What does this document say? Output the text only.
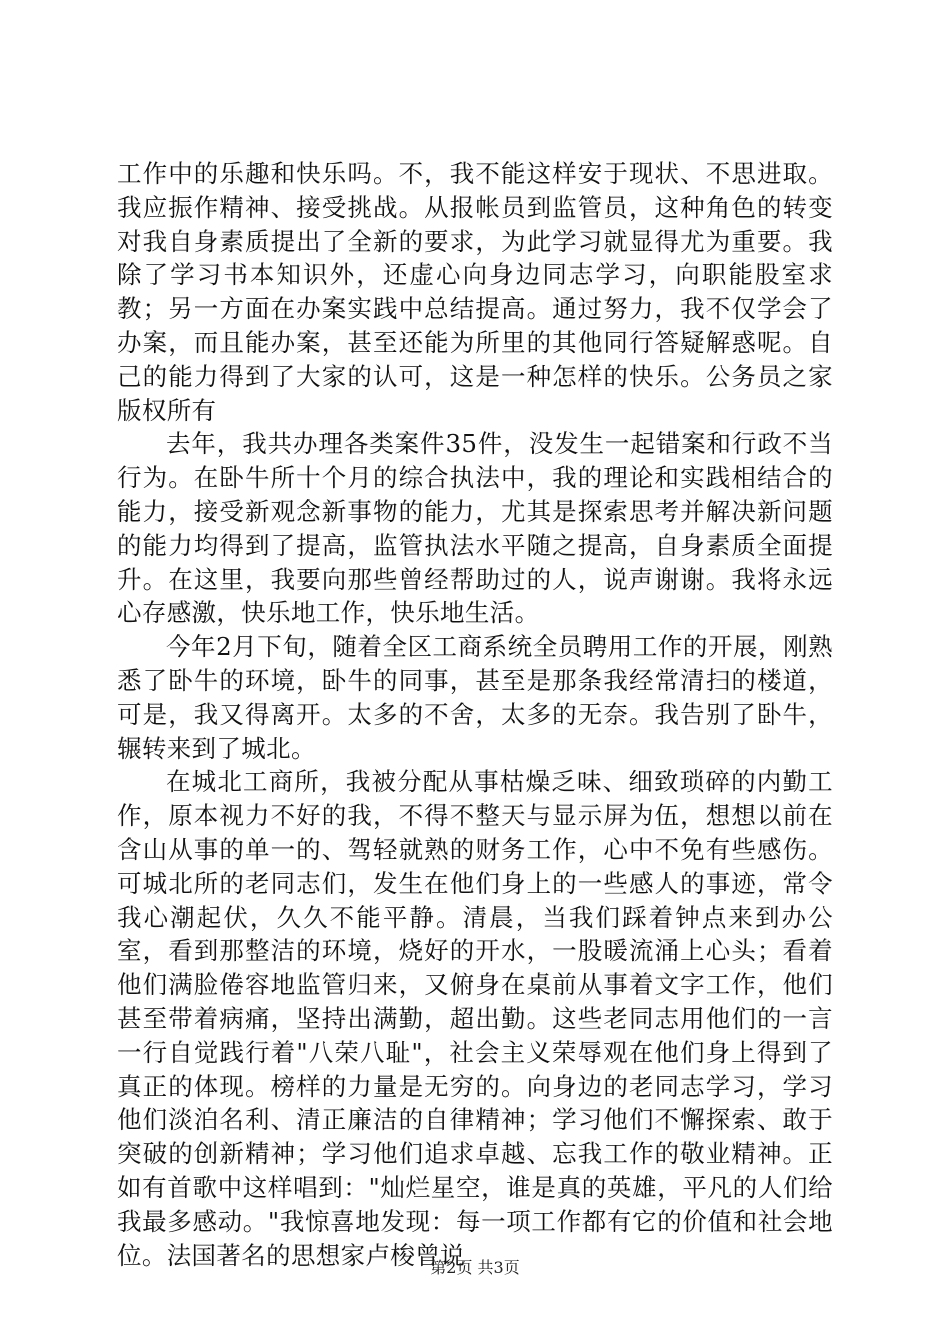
工作中的乐趣和快乐吗。不，我不能这样安于现状、不思进取。我应振作精神、接受挑战。从报帐员到监管员，这种角色的转变对我自身素质提出了全新的要求，为此学习就显得尤为重要。我除了学习书本知识外，还虚心向身边同志学习，向职能股室求教；另一方面在办案实践中总结提高。通过努力，我不仅学会了办案，而且能办案，甚至还能为所里的其他同行答疑解惑呢。自己的能力得到了大家的认可，这是一种怎样的快乐。公务员之家版权所有

去年，我共办理各类案件35件，没发生一起错案和行政不当行为。在卧牛所十个月的综合执法中，我的理论和实践相结合的能力，接受新观念新事物的能力，尤其是探索思考并解决新问题的能力均得到了提高，监管执法水平随之提高，自身素质全面提升。在这里，我要向那些曾经帮助过的人，说声谢谢。我将永远心存感激，快乐地工作，快乐地生活。

今年2月下旬，随着全区工商系统全员聘用工作的开展，刚熟悉了卧牛的环境，卧牛的同事，甚至是那条我经常清扫的楼道，可是，我又得离开。太多的不舍，太多的无奈。我告别了卧牛，辗转来到了城北。

在城北工商所，我被分配从事枯燥乏味、细致琐碎的内勤工作，原本视力不好的我，不得不整天与显示屏为伍，想想以前在含山从事的单一的、驾轻就熟的财务工作，心中不免有些感伤。可城北所的老同志们，发生在他们身上的一些感人的事迹，常令我心潮起伏，久久不能平静。清晨，当我们踩着钟点来到办公室，看到那整洁的环境，烧好的开水，一股暖流涌上心头；看着他们满脸倦容地监管归来，又俯身在桌前从事着文字工作，他们甚至带着病痛，坚持出满勤，超出勤。这些老同志用他们的一言一行自觉践行着"八荣八耻"，社会主义荣辱观在他们身上得到了真正的体现。榜样的力量是无穷的。向身边的老同志学习，学习他们淡泊名利、清正廉洁的自律精神；学习他们不懈探索、敢于突破的创新精神；学习他们追求卓越、忘我工作的敬业精神。正如有首歌中这样唱到："灿烂星空，谁是真的英雄，平凡的人们给我最多感动。"我惊喜地发现：每一项工作都有它的价值和社会地位。法国著名的思想家卢梭曾说

第2页 共3页
